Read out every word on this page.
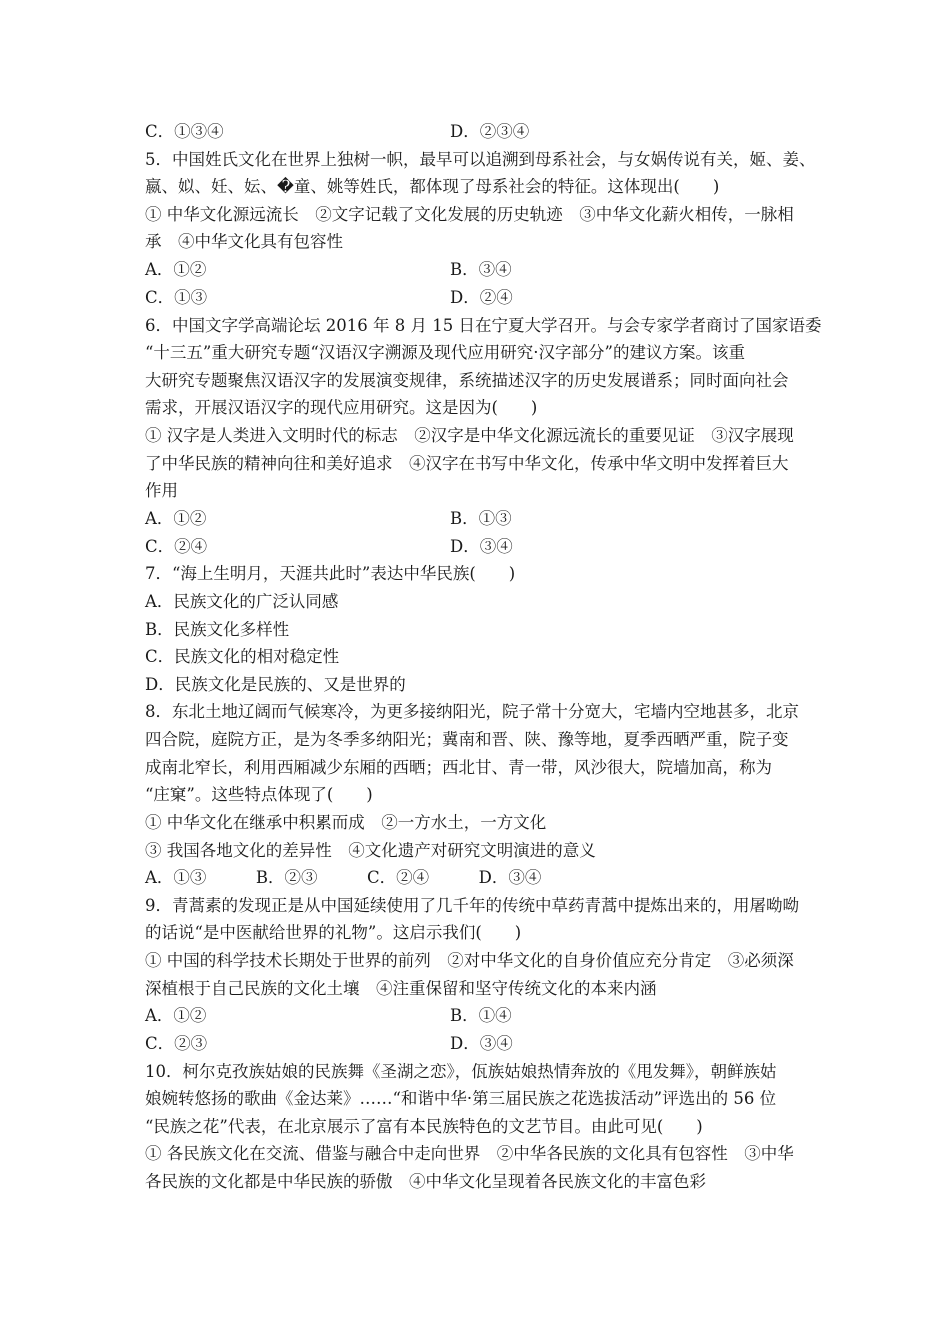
C．①③④	D．②③④
5．中国姓氏文化在世界上独树一帜，最早可以追溯到母系社会，与女娲传说有关，姬、姜、
嬴、姒、妊、妘、�童、姚等姓氏，都体现了母系社会的特征。这体现出(　　)
① 中华文化源远流长　②文字记载了文化发展的历史轨迹　③中华文化薪火相传，一脉相
承　④中华文化具有包容性
A．①②	B．③④
C．①③	D．②④
6．中国文字学高端论坛 2016 年 8 月 15 日在宁夏大学召开。与会专家学者商讨了国家语委
“十三五”重大研究专题“汉语汉字溯源及现代应用研究·汉字部分”的建议方案。该重
大研究专题聚焦汉语汉字的发展演变规律，系统描述汉字的历史发展谱系；同时面向社会
需求，开展汉语汉字的现代应用研究。这是因为(　　)
① 汉字是人类进入文明时代的标志　②汉字是中华文化源远流长的重要见证　③汉字展现
了中华民族的精神向往和美好追求　④汉字在书写中华文化，传承中华文明中发挥着巨大
作用
A．①②	B．①③
C．②④	D．③④
7．“海上生明月，天涯共此时”表达中华民族(　　)
A．民族文化的广泛认同感
B．民族文化多样性
C．民族文化的相对稳定性
D．民族文化是民族的、又是世界的
8．东北土地辽阔而气候寒冷，为更多接纳阳光，院子常十分宽大，宅墙内空地甚多，北京
四合院，庭院方正，是为冬季多纳阳光；冀南和晋、陕、豫等地，夏季西晒严重，院子变
成南北窄长，利用西厢减少东厢的西晒；西北甘、青一带，风沙很大，院墙加高，称为
“庄窠”。这些特点体现了(　　)
① 中华文化在继承中积累而成　②一方水土，一方文化
③ 我国各地文化的差异性　④文化遗产对研究文明演进的意义
A．①③　　　B．②③　　　C．②④　　　D．③④
9．青蒿素的发现正是从中国延续使用了几千年的传统中草药青蒿中提炼出来的，用屠呦呦
的话说“是中医献给世界的礼物”。这启示我们(　　)
① 中国的科学技术长期处于世界的前列　②对中华文化的自身价值应充分肯定　③必须深
深植根于自己民族的文化土壤　④注重保留和坚守传统文化的本来内涵
A．①②	B．①④
C．②③	D．③④
10．柯尔克孜族姑娘的民族舞《圣湖之恋》，佤族姑娘热情奔放的《甩发舞》，朝鲜族姑
娘婉转悠扬的歌曲《金达莱》……“和谐中华·第三届民族之花选拔活动”评选出的 56 位
“民族之花”代表，在北京展示了富有本民族特色的文艺节目。由此可见(　　)
① 各民族文化在交流、借鉴与融合中走向世界　②中华各民族的文化具有包容性　③中华
各民族的文化都是中华民族的骄傲　④中华文化呈现着各民族文化的丰富色彩
